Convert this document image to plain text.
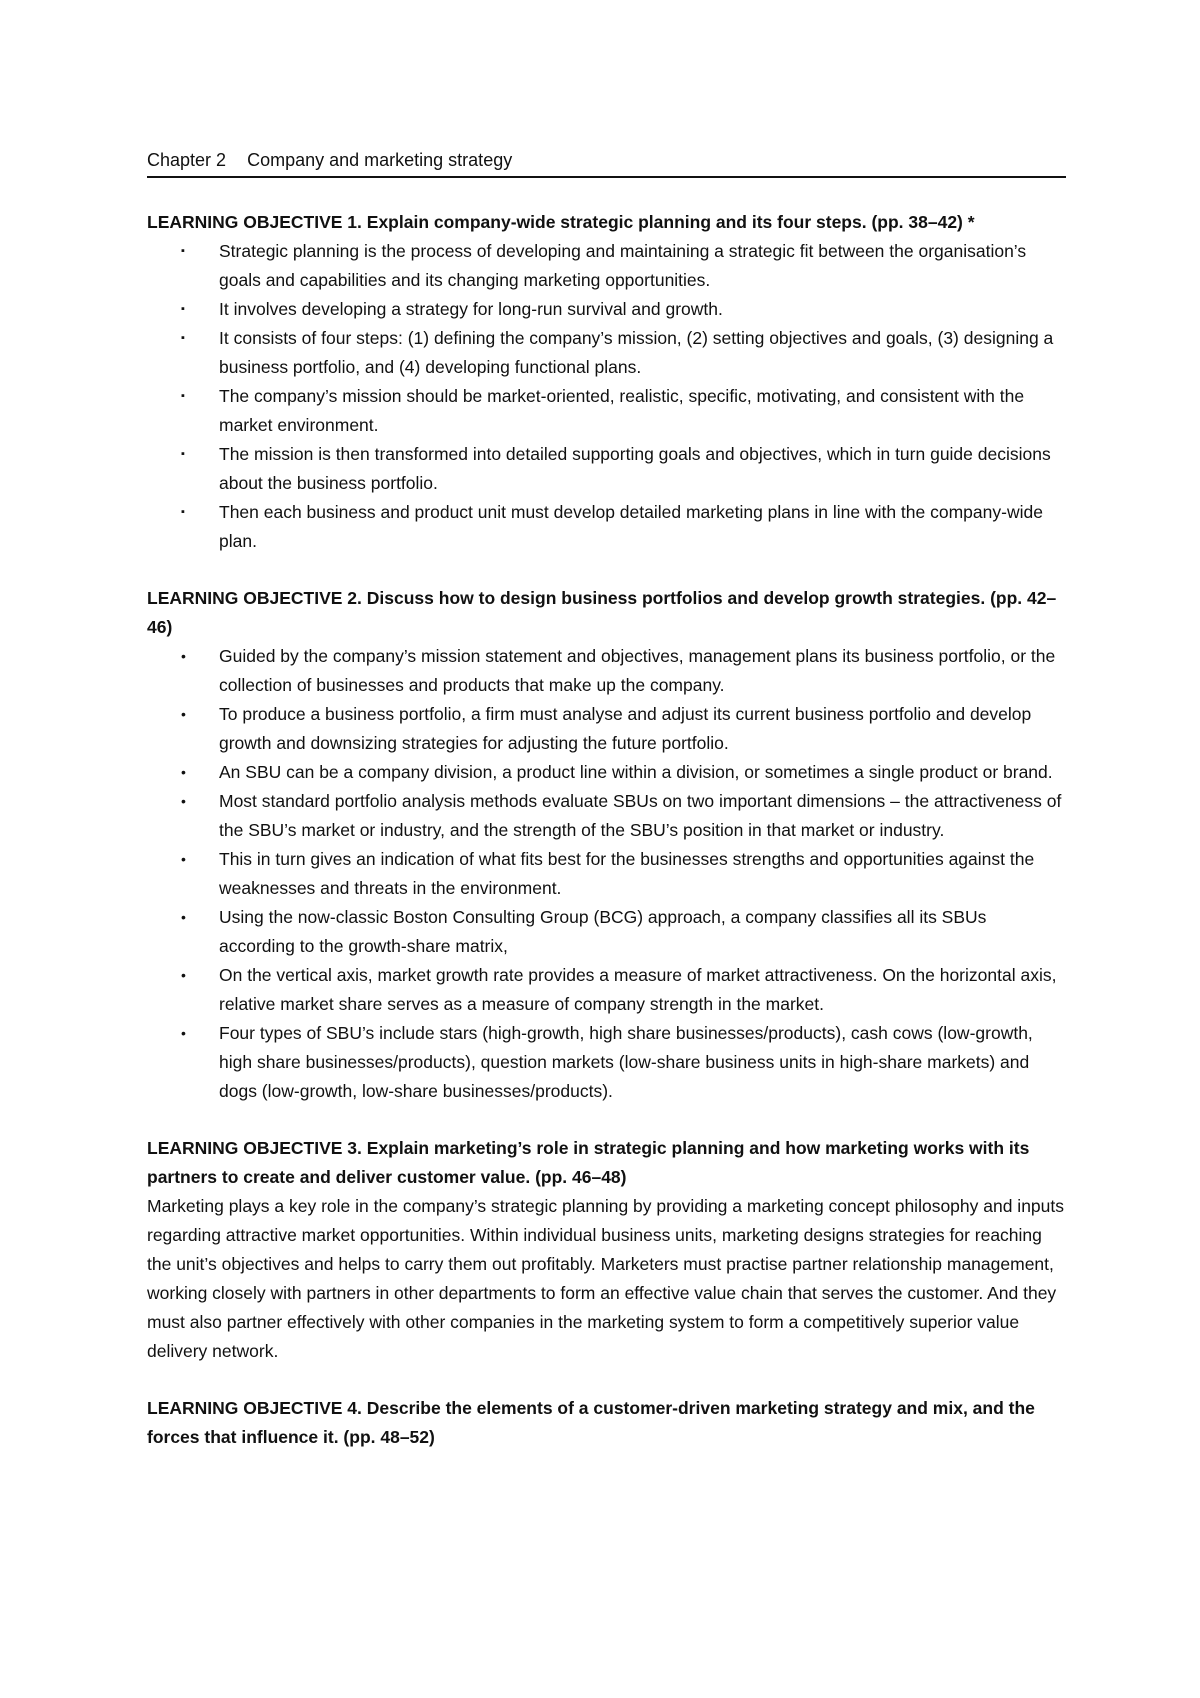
Chapter 2 Company and marketing strategy
LEARNING OBJECTIVE 1. Explain company-wide strategic planning and its four steps. (pp. 38–42) *
▪ Strategic planning is the process of developing and maintaining a strategic fit between the organisation’s goals and capabilities and its changing marketing opportunities.
▪ It involves developing a strategy for long-run survival and growth.
▪ It consists of four steps: (1) defining the company’s mission, (2) setting objectives and goals, (3) designing a business portfolio, and (4) developing functional plans.
▪ The company’s mission should be market-oriented, realistic, specific, motivating, and consistent with the market environment.
▪ The mission is then transformed into detailed supporting goals and objectives, which in turn guide decisions about the business portfolio.
▪ Then each business and product unit must develop detailed marketing plans in line with the company-wide plan.
LEARNING OBJECTIVE 2. Discuss how to design business portfolios and develop growth strategies. (pp. 42–46)
• Guided by the company’s mission statement and objectives, management plans its business portfolio, or the collection of businesses and products that make up the company.
• To produce a business portfolio, a firm must analyse and adjust its current business portfolio and develop growth and downsizing strategies for adjusting the future portfolio.
• An SBU can be a company division, a product line within a division, or sometimes a single product or brand.
• Most standard portfolio analysis methods evaluate SBUs on two important dimensions – the attractiveness of the SBU’s market or industry, and the strength of the SBU’s position in that market or industry.
• This in turn gives an indication of what fits best for the businesses strengths and opportunities against the weaknesses and threats in the environment.
• Using the now-classic Boston Consulting Group (BCG) approach, a company classifies all its SBUs according to the growth-share matrix,
• On the vertical axis, market growth rate provides a measure of market attractiveness. On the horizontal axis, relative market share serves as a measure of company strength in the market.
• Four types of SBU’s include stars (high-growth, high share businesses/products), cash cows (low-growth, high share businesses/products), question markets (low-share business units in high-share markets) and dogs (low-growth, low-share businesses/products).
LEARNING OBJECTIVE 3. Explain marketing’s role in strategic planning and how marketing works with its partners to create and deliver customer value. (pp. 46–48)

Marketing plays a key role in the company’s strategic planning by providing a marketing concept philosophy and inputs regarding attractive market opportunities. Within individual business units, marketing designs strategies for reaching the unit’s objectives and helps to carry them out profitably. Marketers must practise partner relationship management, working closely with partners in other departments to form an effective value chain that serves the customer. And they must also partner effectively with other companies in the marketing system to form a competitively superior value delivery network.

LEARNING OBJECTIVE 4. Describe the elements of a customer-driven marketing strategy and mix, and the forces that influence it. (pp. 48–52)
